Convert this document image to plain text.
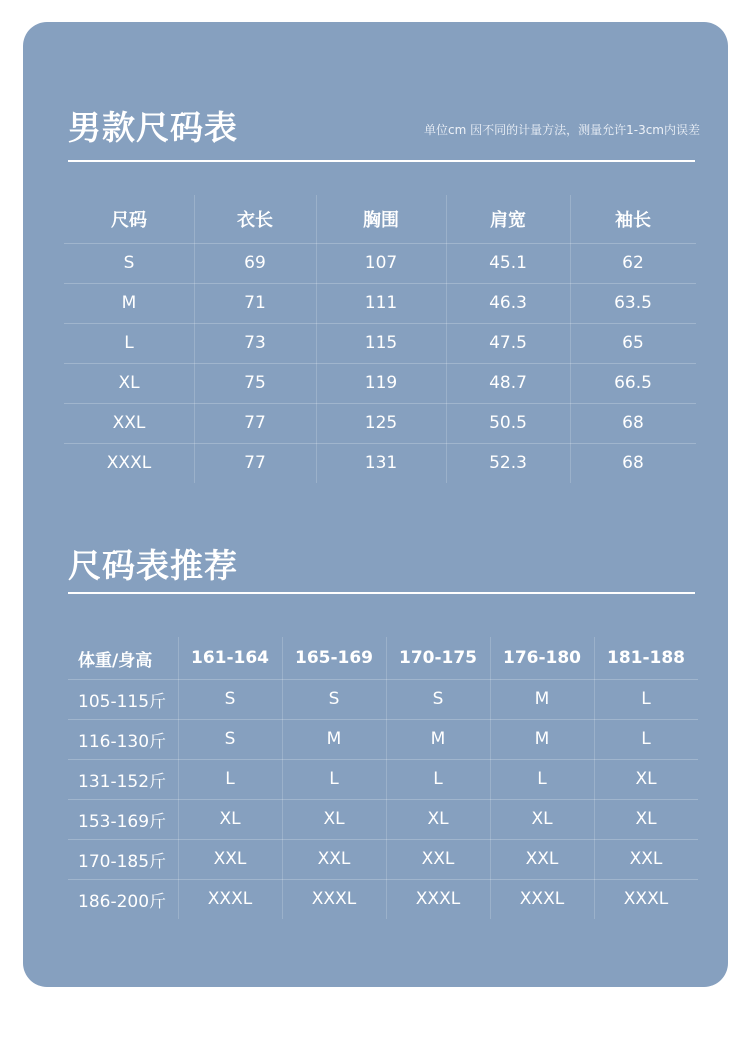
男款尺码表	单位cm 因不同的计量方法，测量允许1-3cm内误差
尺码	衣长	胸围	肩宽	袖长
S	69	107	45.1	62
M	71	111	46.3	63.5
L	73	115	47.5	65
XL	75	119	48.7	66.5
XXL	77	125	50.5	68
XXXL	77	131	52.3	68
尺码表推荐
体重/身高	161-164	165-169	170-175	176-180	181-188
105-115斤	S	S	S	M	L
116-130斤	S	M	M	M	L
131-152斤	L	L	L	L	XL
153-169斤	XL	XL	XL	XL	XL
170-185斤	XXL	XXL	XXL	XXL	XXL
186-200斤	XXXL	XXXL	XXXL	XXXL	XXXL
